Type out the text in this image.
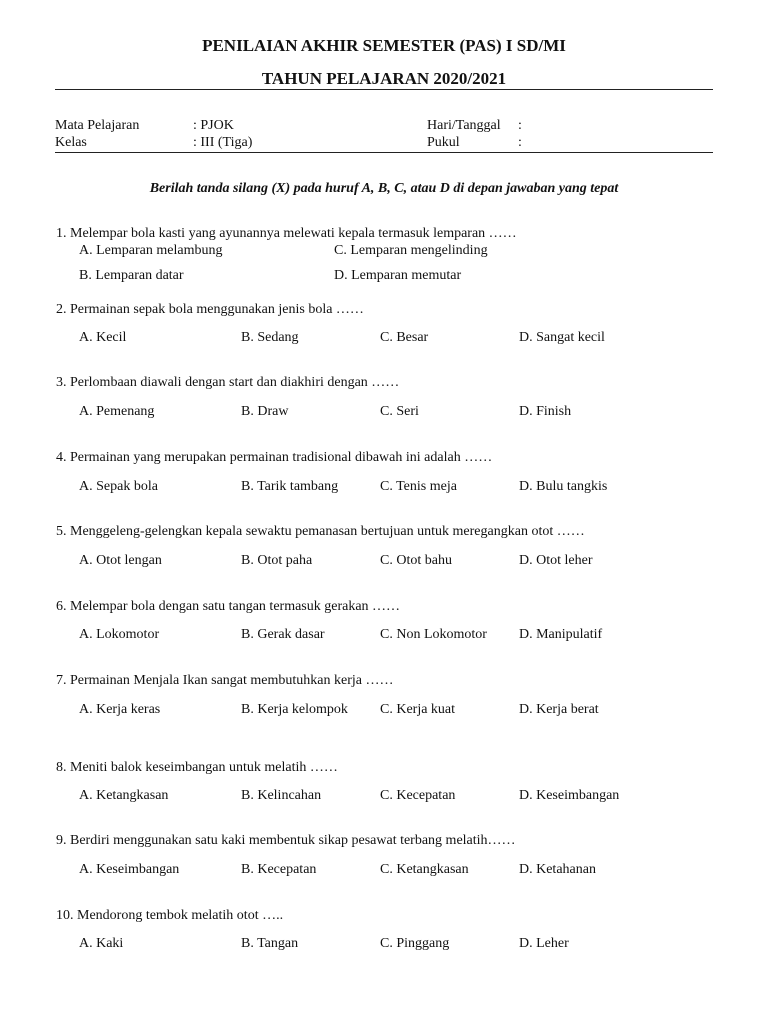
PENILAIAN AKHIR SEMESTER (PAS) I SD/MI
TAHUN PELAJARAN 2020/2021
Mata Pelajaran	: PJOK	Hari/Tanggal :
Kelas	: III (Tiga)	Pukul	:
Berilah tanda silang (X) pada huruf A, B, C, atau D di depan jawaban yang tepat
1. Melempar bola kasti yang ayunannya melewati kepala termasuk lemparan ……
A. Lemparan melambung	C. Lemparan mengelinding
B. Lemparan datar	D. Lemparan memutar
2. Permainan sepak bola menggunakan jenis bola ……
A. Kecil	B. Sedang	C. Besar	D. Sangat kecil
3. Perlombaan diawali dengan start dan diakhiri dengan ……
A. Pemenang	B. Draw	C. Seri	D. Finish
4. Permainan yang merupakan permainan tradisional dibawah ini adalah ……
A. Sepak bola	B. Tarik tambang	C. Tenis meja	D. Bulu tangkis
5. Menggeleng-gelengkan kepala sewaktu pemanasan bertujuan untuk meregangkan otot ……
A. Otot lengan	B. Otot paha	C. Otot bahu	D. Otot leher
6. Melempar bola dengan satu tangan termasuk gerakan ……
A. Lokomotor	B. Gerak dasar	C. Non Lokomotor D. Manipulatif
7. Permainan Menjala Ikan sangat membutuhkan kerja ……
A. Kerja keras	B. Kerja kelompok C. Kerja kuat	D. Kerja berat
8. Meniti balok keseimbangan untuk melatih ……
A. Ketangkasan	B. Kelincahan	C. Kecepatan	D. Keseimbangan
9. Berdiri menggunakan satu kaki membentuk sikap pesawat terbang melatih……
A. Keseimbangan	B. Kecepatan	C. Ketangkasan	D. Ketahanan
10. Mendorong tembok melatih otot …..
A. Kaki	B. Tangan	C. Pinggang	D. Leher
